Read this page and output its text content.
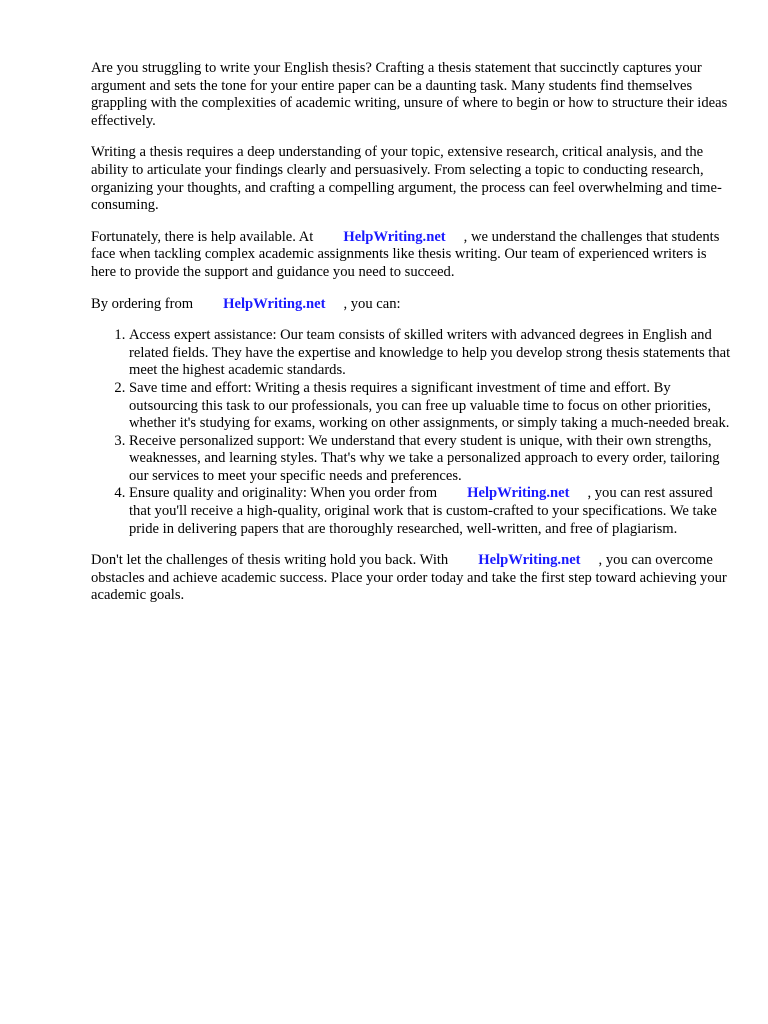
Are you struggling to write your English thesis? Crafting a thesis statement that succinctly captures your argument and sets the tone for your entire paper can be a daunting task. Many students find themselves grappling with the complexities of academic writing, unsure of where to begin or how to structure their ideas effectively.

Writing a thesis requires a deep understanding of your topic, extensive research, critical analysis, and the ability to articulate your findings clearly and persuasively. From selecting a topic to conducting research, organizing your thoughts, and crafting a compelling argument, the process can feel overwhelming and time-consuming.

Fortunately, there is help available. At HelpWriting.net , we understand the challenges that students face when tackling complex academic assignments like thesis writing. Our team of experienced writers is here to provide the support and guidance you need to succeed.

By ordering from HelpWriting.net , you can:

1. Access expert assistance: Our team consists of skilled writers with advanced degrees in English and related fields. They have the expertise and knowledge to help you develop strong thesis statements that meet the highest academic standards.
2. Save time and effort: Writing a thesis requires a significant investment of time and effort. By outsourcing this task to our professionals, you can free up valuable time to focus on other priorities, whether it's studying for exams, working on other assignments, or simply taking a much-needed break.
3. Receive personalized support: We understand that every student is unique, with their own strengths, weaknesses, and learning styles. That's why we take a personalized approach to every order, tailoring our services to meet your specific needs and preferences.
4. Ensure quality and originality: When you order from HelpWriting.net , you can rest assured that you'll receive a high-quality, original work that is custom-crafted to your specifications. We take pride in delivering papers that are thoroughly researched, well-written, and free of plagiarism.

Don't let the challenges of thesis writing hold you back. With HelpWriting.net , you can overcome obstacles and achieve academic success. Place your order today and take the first step toward achieving your academic goals.
